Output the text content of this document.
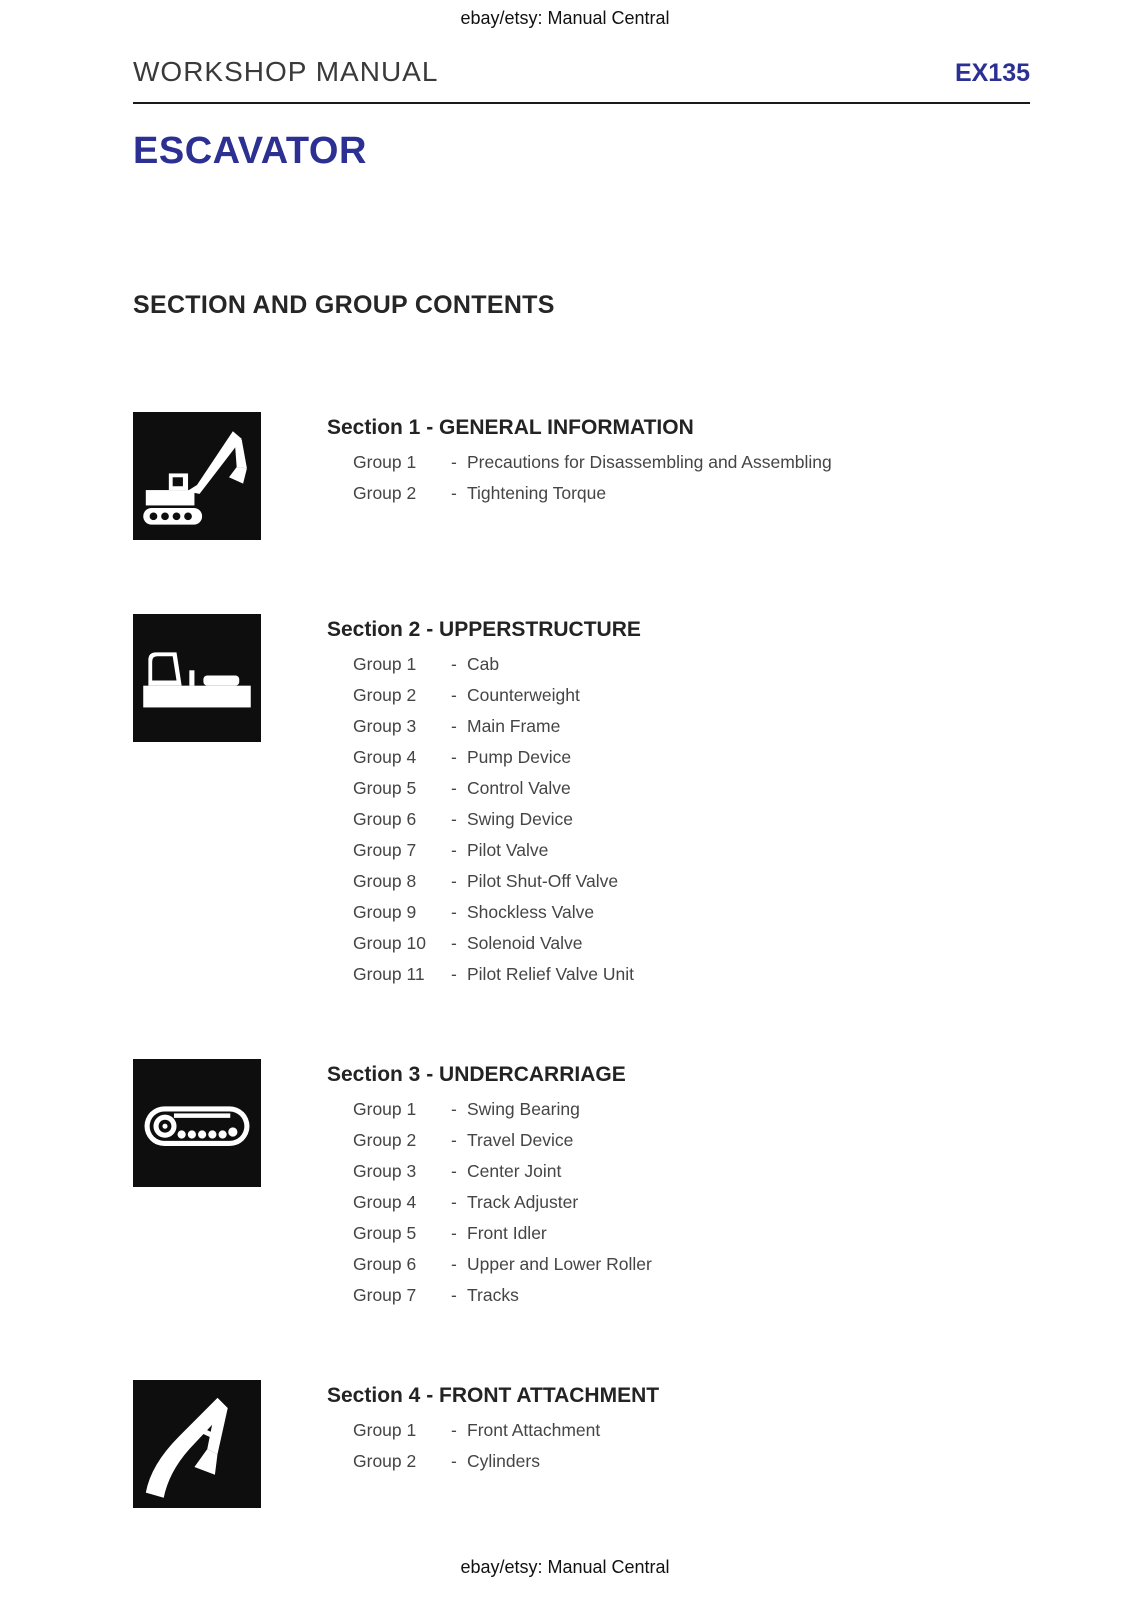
ebay/etsy: Manual Central
WORKSHOP MANUAL	EX135
ESCAVATOR
SECTION AND GROUP CONTENTS
Section 1 - GENERAL INFORMATION
Group 1	- Precautions for Disassembling and Assembling
Group 2	- Tightening Torque
Section 2 - UPPERSTRUCTURE
Group 1	- Cab
Group 2	- Counterweight
Group 3	- Main Frame
Group 4	- Pump Device
Group 5	- Control Valve
Group 6	- Swing Device
Group 7	- Pilot Valve
Group 8	- Pilot Shut-Off Valve
Group 9	- Shockless Valve
Group 10	- Solenoid Valve
Group 11	- Pilot Relief Valve Unit
Section 3 - UNDERCARRIAGE
Group 1	- Swing Bearing
Group 2	- Travel Device
Group 3	- Center Joint
Group 4	- Track Adjuster
Group 5	- Front Idler
Group 6	- Upper and Lower Roller
Group 7	- Tracks
Section 4 - FRONT ATTACHMENT
Group 1	- Front Attachment
Group 2	- Cylinders
ebay/etsy: Manual Central
